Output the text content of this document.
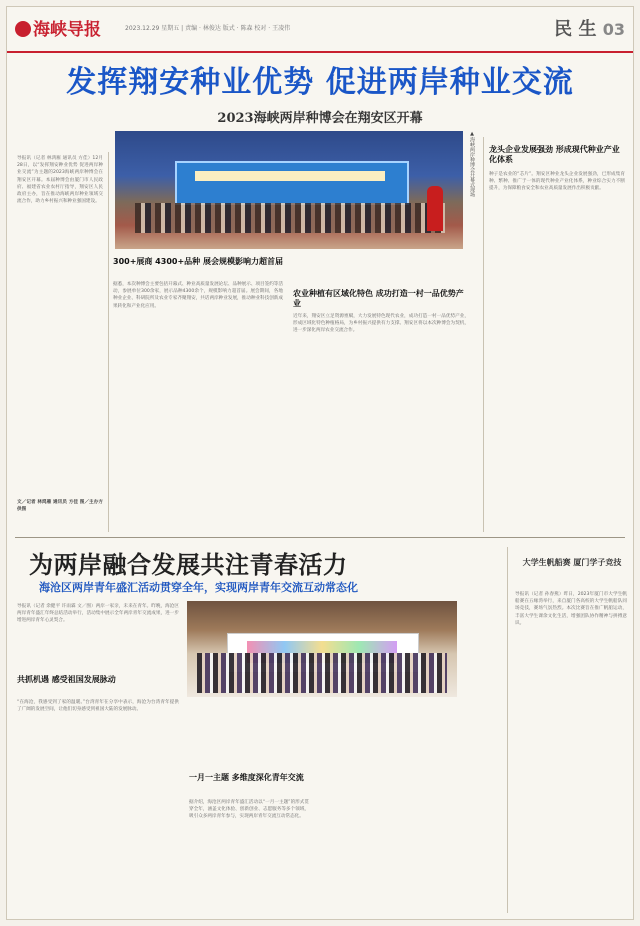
海峡导报	2023.12.29 星期五 | 责编 · 林俊达 版式 · 陈森 校对 · 王凌伟	民 生 03
发挥翔安种业优势 促进两岸种业交流
2023海峡两岸种博会在翔安区开幕
导报讯（记者 林鸿雁 通讯员 方佳）12月28日，以“发挥翔安种业优势 促进两岸种业交流”为主题的2023海峡两岸种博会在翔安区开幕。本届种博会由厦门市人民政府、福建省农业农村厅指导，翔安区人民政府主办，旨在推动海峡两岸种业领域交流合作，助力乡村振兴和种业强国建设。
文／记者 林鸿雁 通讯员 方佳 图／主办方供图
▲海峡两岸种博会开幕式现场
300+展商 4300+品种 展会规模影响力超首届
据悉，本次种博会主要包括开幕式、种业高质量发展论坛、品种展示、项目签约等活动，参展单位300余家，展示品种4300余个，规模影响力超首届。展会期间，各地种业企业、科研院所及农业专家齐聚翔安，共话两岸种业发展，推动种业科技创新成果转化和产业化应用。
农业种植有区域化特色 成功打造一村一品优势产业
近年来，翔安区立足资源禀赋，大力发展特色现代农业，成功打造一村一品优势产业，形成区域化特色种植格局，为乡村振兴提供有力支撑。翔安区将以本次种博会为契机，进一步深化两岸农业交流合作。
龙头企业发展强劲 形成现代种业产业化体系
种子是农业的“芯片”。翔安区种业龙头企业发展强劲，已形成集育种、繁种、推广于一体的现代种业产业化体系，种业综合实力不断提升，为保障粮食安全和农业高质量发展作出积极贡献。
为两岸融合发展共注青春活力
海沧区两岸青年盛汇活动贯穿全年，实现两岸青年交流互动常态化
导报讯（记者 余健平 许雨霖 文／图）两岸一家亲，未来在青年。昨晚，海沧区两岸青年盛汇年终总结活动举行，活动集中展示全年两岸青年交流成果，进一步增进两岸青年心灵契合。
共抓机遇 感受祖国发展脉动
“在海沧，我感受到了家的温暖。”台湾青年在分享中表示，海沧为台湾青年提供了广阔的发展空间，让他们切身感受到祖国大陆的发展脉动。
一月一主题 多维度深化青年交流
据介绍，海沧区两岸青年盛汇活动以“一月一主题”的形式贯穿全年，涵盖文化体验、创新创业、志愿服务等多个领域，吸引众多两岸青年参与，实现两岸青年交流互动常态化。
大学生帆船赛 厦门学子竞技
导报讯（记者 孙春燕）昨日，2023年厦门市大学生帆船赛在五缘湾举行，来自厦门各高校的大学生帆船队同场竞技，赛场气氛热烈。本次比赛旨在推广帆船运动，丰富大学生课余文化生活，增强团队协作精神与拼搏意识。
